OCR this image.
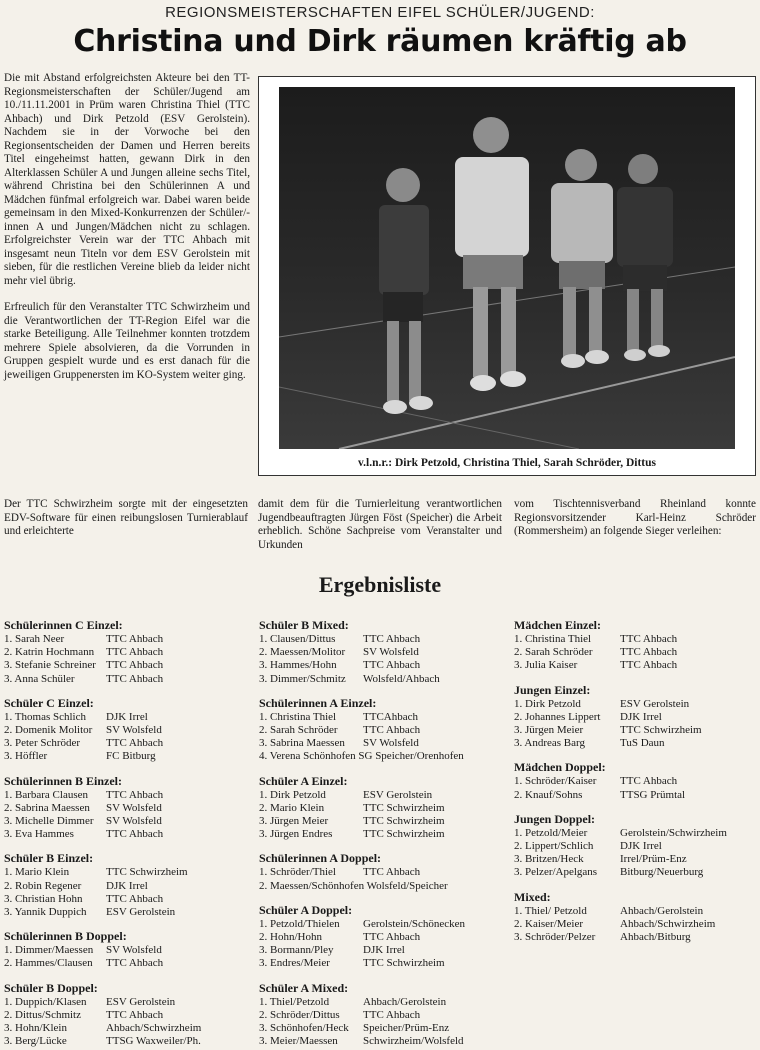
REGIONSMEISTERSCHAFTEN EIFEL SCHÜLER/JUGEND:
Christina und Dirk räumen kräftig ab

Die mit Abstand erfolgreichsten Akteure bei den TT-Regionsmeisterschaften der Schüler/Jugend am 10./11.11.2001 in Prüm waren Christina Thiel (TTC Ahbach) und Dirk Petzold (ESV Gerolstein). Nachdem sie in der Vorwoche bei den Regionsentscheiden der Damen und Herren bereits Titel eingeheimst hatten, gewann Dirk in den Alterklassen Schüler A und Jungen alleine sechs Titel, während Christina bei den Schülerinnen A und Mädchen fünfmal erfolgreich war. Dabei waren beide gemeinsam in den Mixed-Konkurrenzen der Schüler/-innen A und Jungen/Mädchen nicht zu schlagen. Erfolgreichster Verein war der TTC Ahbach mit insgesamt neun Titeln vor dem ESV Gerolstein mit sieben, für die restlichen Vereine blieb da leider nicht mehr viel übrig.

Erfreulich für den Veranstalter TTC Schwirzheim und die Verantwortlichen der TT-Region Eifel war die starke Beteiligung. Alle Teilnehmer konnten trotzdem mehrere Spiele absolvieren, da die Vorrunden in Gruppen gespielt wurde und es erst danach für die jeweiligen Gruppenersten im KO-System weiter ging.

v.l.n.r.: Dirk Petzold, Christina Thiel, Sarah Schröder, Dittus
Der TTC Schwirzheim sorgte mit der eingesetzten EDV-Software für einen reibungslosen Turnierablauf und erleichterte
damit dem für die Turnierleitung verantwortlichen Jugendbeauftragten Jürgen Föst (Speicher) die Arbeit erheblich. Schöne Sachpreise vom Veranstalter und Urkunden
vom Tischtennisverband Rheinland konnte Regionsvorsitzender Karl-Heinz Schröder (Rommersheim) an folgende Sieger verleihen:
Ergebnisliste
Schülerinnen C Einzel:
1. Sarah Neer	TTC Ahbach
2. Katrin Hochmann	TTC Ahbach
3. Stefanie Schreiner TTC Ahbach
3. Anna Schüler	TTC Ahbach
Schüler C Einzel:
1. Thomas Schlich	DJK Irrel
2. Domenik Molitor	SV Wolsfeld
3. Peter Schröder	TTC Ahbach
3. Höffler	FC Bitburg
Schülerinnen B Einzel:
1. Barbara Clausen	TTC Ahbach
2. Sabrina Maessen	SV Wolsfeld
3. Michelle Dimmer	SV Wolsfeld
3. Eva Hammes	TTC Ahbach
Schüler B Einzel:
1. Mario Klein	TTC Schwirzheim
2. Robin Regener	DJK Irrel
3. Christian Hohn	TTC Ahbach
3. Yannik Duppich	ESV Gerolstein
Schülerinnen B Doppel:
1. Dimmer/Maessen	SV Wolsfeld
2. Hammes/Clausen	TTC Ahbach
Schüler B Doppel:
1. Duppich/Klasen	ESV Gerolstein
2. Dittus/Schmitz	TTC Ahbach
3. Hohn/Klein	Ahbach/Schwirzheim
3. Berg/Lücke	TTSG Waxweiler/Ph.
Schüler B Mixed:
1. Clausen/Dittus	TTC Ahbach
2. Maessen/Molitor	SV Wolsfeld
3. Hammes/Hohn	TTC Ahbach
3. Dimmer/Schmitz	Wolsfeld/Ahbach
Schülerinnen A Einzel:
1. Christina Thiel	TTCAhbach
2. Sarah Schröder	TTC Ahbach
3. Sabrina Maessen	SV Wolsfeld
4. Verena Schönhofen SG Speicher/Orenhofen
Schüler A Einzel:
1. Dirk Petzold	ESV Gerolstein
2. Mario Klein	TTC Schwirzheim
3. Jürgen Meier	TTC Schwirzheim
3. Jürgen Endres	TTC Schwirzheim
Schülerinnen A Doppel:
1. Schröder/Thiel	TTC Ahbach
2. Maessen/Schönhofen Wolsfeld/Speicher
Schüler A Doppel:
1. Petzold/Thielen	Gerolstein/Schönecken
2. Hohn/Hohn	TTC Ahbach
3. Bormann/Pley	DJK Irrel
3. Endres/Meier	TTC Schwirzheim
Schüler A Mixed:
1. Thiel/Petzold	Ahbach/Gerolstein
2. Schröder/Dittus	TTC Ahbach
3. Schönhofen/Heck	Speicher/Prüm-Enz
3. Meier/Maessen	Schwirzheim/Wolsfeld
Mädchen Einzel:
1. Christina Thiel	TTC Ahbach
2. Sarah Schröder	TTC Ahbach
3. Julia Kaiser	TTC Ahbach
Jungen Einzel:
1. Dirk Petzold	ESV Gerolstein
2. Johannes Lippert	DJK Irrel
3. Jürgen Meier	TTC Schwirzheim
3. Andreas Barg	TuS Daun
Mädchen Doppel:
1. Schröder/Kaiser	TTC Ahbach
2. Knauf/Sohns	TTSG Prümtal
Jungen Doppel:
1. Petzold/Meier	Gerolstein/Schwirzheim
2. Lippert/Schlich	DJK Irrel
3. Britzen/Heck	Irrel/Prüm-Enz
3. Pelzer/Apelgans	Bitburg/Neuerburg
Mixed:
1. Thiel/ Petzold	Ahbach/Gerolstein
2. Kaiser/Meier	Ahbach/Schwirzheim
3. Schröder/Pelzer	Ahbach/Bitburg
